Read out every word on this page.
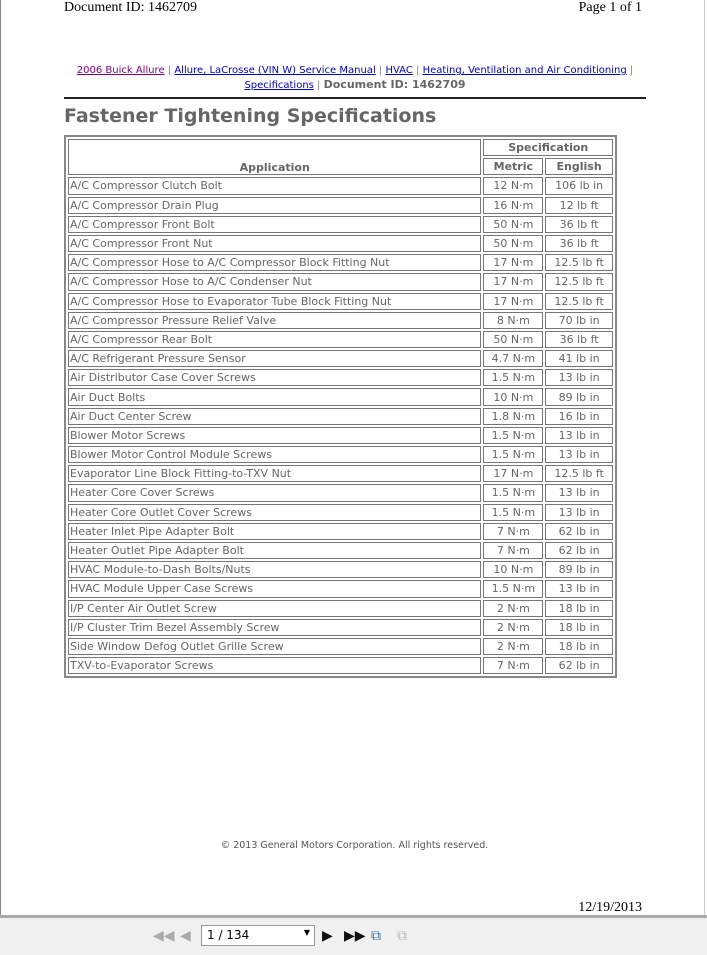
Document ID: 1462709	Page 1 of 1
2006 Buick Allure | Allure, LaCrosse (VIN W) Service Manual | HVAC | Heating, Ventilation and Air Conditioning |
Specifications | Document ID: 1462709
Fastener Tightening Specifications
Application	Specification	
	Metric	English
A/C Compressor Clutch Bolt	12 N·m	106 lb in
A/C Compressor Drain Plug	16 N·m	12 lb ft
A/C Compressor Front Bolt	50 N·m	36 lb ft
A/C Compressor Front Nut	50 N·m	36 lb ft
A/C Compressor Hose to A/C Compressor Block Fitting Nut	17 N·m	12.5 lb ft
A/C Compressor Hose to A/C Condenser Nut	17 N·m	12.5 lb ft
A/C Compressor Hose to Evaporator Tube Block Fitting Nut	17 N·m	12.5 lb ft
A/C Compressor Pressure Relief Valve	8 N·m	70 lb in
A/C Compressor Rear Bolt	50 N·m	36 lb ft
A/C Refrigerant Pressure Sensor	4.7 N·m	41 lb in
Air Distributor Case Cover Screws	1.5 N·m	13 lb in
Air Duct Bolts	10 N·m	89 lb in
Air Duct Center Screw	1.8 N·m	16 lb in
Blower Motor Screws	1.5 N·m	13 lb in
Blower Motor Control Module Screws	1.5 N·m	13 lb in
Evaporator Line Block Fitting-to-TXV Nut	17 N·m	12.5 lb ft
Heater Core Cover Screws	1.5 N·m	13 lb in
Heater Core Outlet Cover Screws	1.5 N·m	13 lb in
Heater Inlet Pipe Adapter Bolt	7 N·m	62 lb in
Heater Outlet Pipe Adapter Bolt	7 N·m	62 lb in
HVAC Module-to-Dash Bolts/Nuts	10 N·m	89 lb in
HVAC Module Upper Case Screws	1.5 N·m	13 lb in
I/P Center Air Outlet Screw	2 N·m	18 lb in
I/P Cluster Trim Bezel Assembly Screw	2 N·m	18 lb in
Side Window Defog Outlet Grille Screw	2 N·m	18 lb in
TXV-to-Evaporator Screws	7 N·m	62 lb in
© 2013 General Motors Corporation. All rights reserved.
12/19/2013
◀◀ ◀	1 / 134	▼ ▶ ▶▶ ⧉ ⧉
